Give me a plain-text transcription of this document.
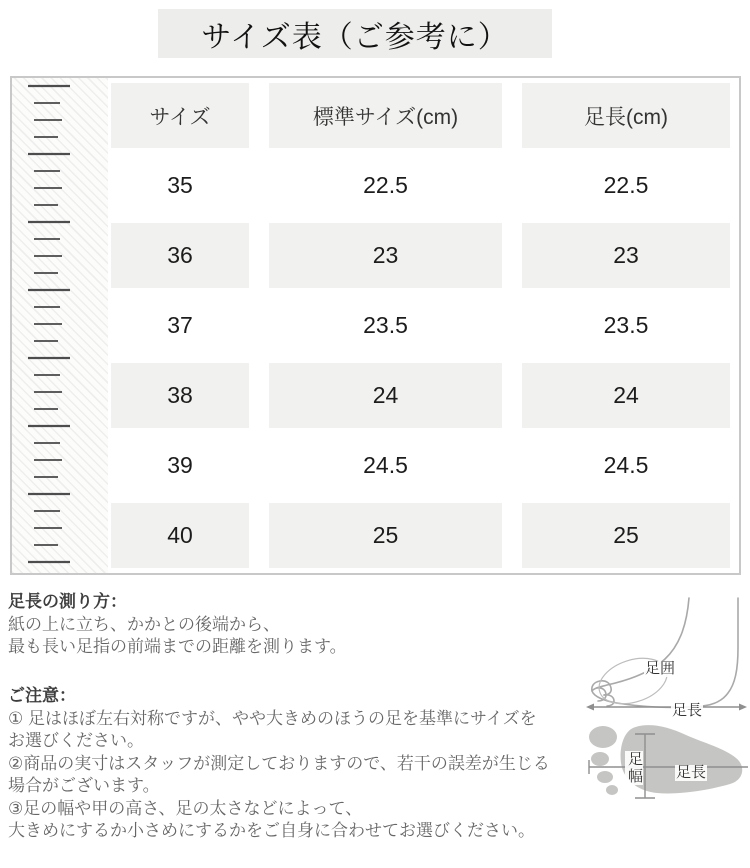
サイズ表（ご参考に）
サイズ	標準サイズ(cm)	足長(cm)
35	22.5	22.5
36	23	23
37	23.5	23.5
38	24	24
39	24.5	24.5
40	25	25
足長の測り方：
紙の上に立ち、かかとの後端から、
最も長い足指の前端までの距離を測ります。
ご注意：
① 足はほぼ左右対称ですが、やや大きめのほうの足を基準にサイズを
お選びください。
②商品の実寸はスタッフが測定しておりますので、若干の誤差が生じる
場合がございます。
③足の幅や甲の高さ、足の太さなどによって、
大きめにするか小さめにするかをご自身に合わせてお選びください。
足囲
足長
足幅 足長
